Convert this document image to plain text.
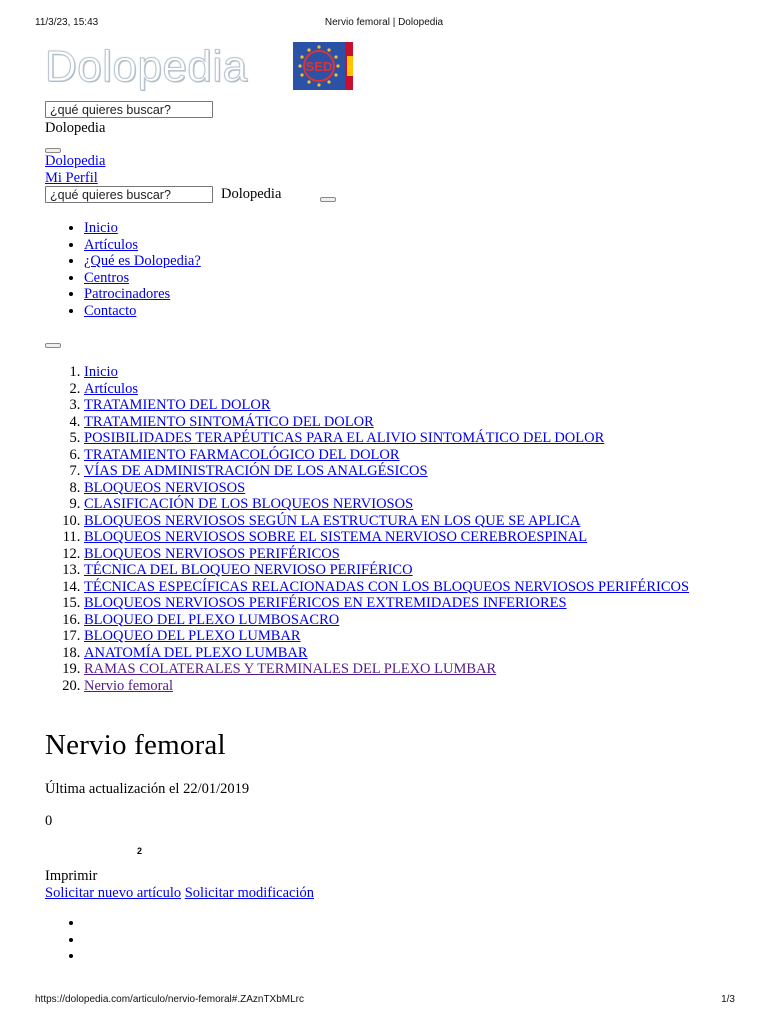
11/3/23, 15:43	Nervio femoral | Dolopedia
Dolopedia	SED
¿qué quieres buscar?
Dolopedia
Dolopedia
Mi Perfil
¿qué quieres buscar?
Dolopedia
• Inicio
• Artículos
• ¿Qué es Dolopedia?
• Centros
• Patrocinadores
• Contacto
1. Inicio
2. Artículos
3. TRATAMIENTO DEL DOLOR
4. TRATAMIENTO SINTOMÁTICO DEL DOLOR
5. POSIBILIDADES TERAPÉUTICAS PARA EL ALIVIO SINTOMÁTICO DEL DOLOR
6. TRATAMIENTO FARMACOLÓGICO DEL DOLOR
7. VÍAS DE ADMINISTRACIÓN DE LOS ANALGÉSICOS
8. BLOQUEOS NERVIOSOS
9. CLASIFICACIÓN DE LOS BLOQUEOS NERVIOSOS
10. BLOQUEOS NERVIOSOS SEGÚN LA ESTRUCTURA EN LOS QUE SE APLICA
11. BLOQUEOS NERVIOSOS SOBRE EL SISTEMA NERVIOSO CEREBROESPINAL
12. BLOQUEOS NERVIOSOS PERIFÉRICOS
13. TÉCNICA DEL BLOQUEO NERVIOSO PERIFÉRICO
14. TÉCNICAS ESPECÍFICAS RELACIONADAS CON LOS BLOQUEOS NERVIOSOS PERIFÉRICOS
15. BLOQUEOS NERVIOSOS PERIFÉRICOS EN EXTREMIDADES INFERIORES
16. BLOQUEO DEL PLEXO LUMBOSACRO
17. BLOQUEO DEL PLEXO LUMBAR
18. ANATOMÍA DEL PLEXO LUMBAR
19. RAMAS COLATERALES Y TERMINALES DEL PLEXO LUMBAR
20. Nervio femoral
Nervio femoral
Última actualización el 22/01/2019
0
2
Imprimir
Solicitar nuevo artículo Solicitar modificación
https://dolopedia.com/articulo/nervio-femoral#.ZAznTXbMLrc	1/3
